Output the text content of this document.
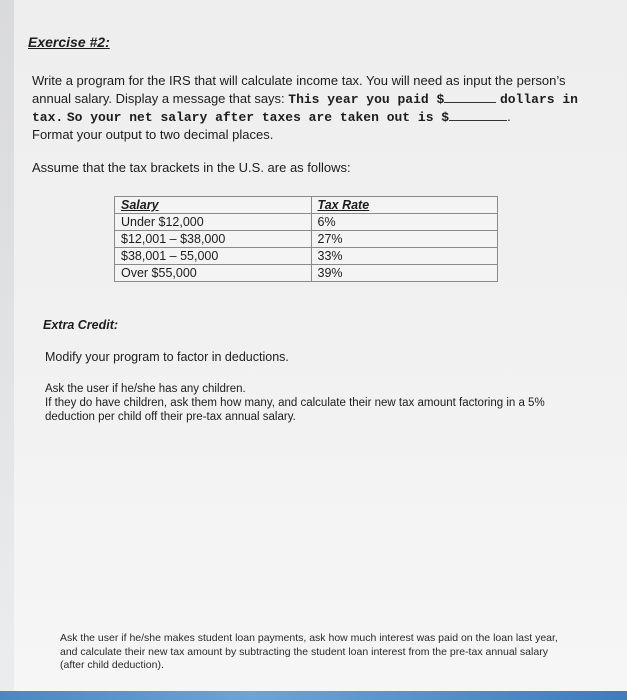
Exercise #2:
Write a program for the IRS that will calculate income tax. You will need as input the person’s annual salary. Display a message that says: This year you paid $	dollars in tax. So your net salary after taxes are taken out is $	.
Format your output to two decimal places.
Assume that the tax brackets in the U.S. are as follows:
Salary	Tax Rate
Under $12,000	6%
$12,001 – $38,000	27%
$38,001 – 55,000	33%
Over $55,000	39%
Extra Credit:
Modify your program to factor in deductions.
Ask the user if he/she has any children.
If they do have children, ask them how many, and calculate their new tax amount factoring in a 5% deduction per child off their pre-tax annual salary.
Ask the user if he/she makes student loan payments, ask how much interest was paid on the loan last year, and calculate their new tax amount by subtracting the student loan interest from the pre-tax annual salary (after child deduction).
